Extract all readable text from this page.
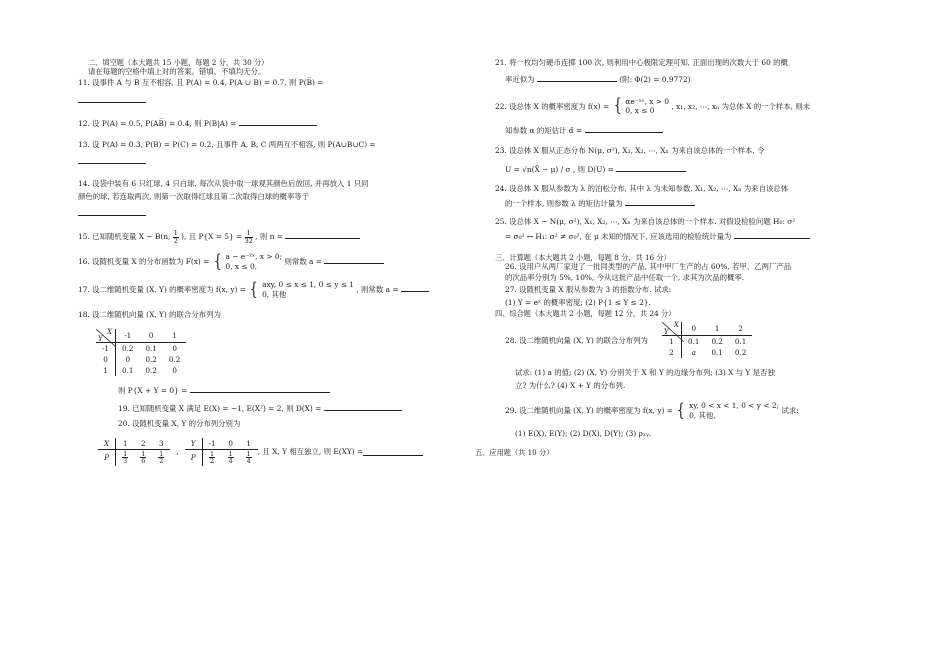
二、填空题（本大题共 15 小题，每题 2 分，共 30 分）

请在每题的空格中填上对的答案。错填、不填均无分。

11. 设事件 A 与 B 互不相容, 且 P(A) = 0.4, P(A ∪ B) = 0.7, 则 P(B̅) =

12. 设 P(A) = 0.5, P(AB̅) = 0.4, 则 P(B|A) =

13. 设 P(A) = 0.3, P(B) = P(C) = 0.2, 且事件 A, B, C 两两互不相容, 则 P(A∪B∪C) =

14. 设袋中装有 6 只红球, 4 只白球, 每次从袋中取一球观其颜色后放回, 并再放入 1 只同

颜色的球, 若连取两次, 则第一次取得红球且第二次取得白球的概率等于

15. 已知随机变量 X ~ B(n, $\frac{1}{2}$ ), 且 $P\{X = 5\} = \frac{1}{32}$ , 则 n =
16. 设随机变量 X 的分布函数为 F(x) = { a − e⁻²ˣ, x > 0;
0, x ≤ 0,
则常数 a =
17. 设二维随机变量 (X, Y) 的概率密度为 f(x, y) = { axy, 0 ≤ x ≤ 1, 0 ≤ y ≤ 1
0, 其他
, 则常数 a =

18. 设二维随机向量 (X, Y) 的联合分布列为

X
Y	-1	0	1
-1	0.2	0.1	0
0	0	0.2	0.2
1	0.1	0.2	0
则 P{X + Y = 0} =
19. 已知随机变量 X 满足 E(X) = −1, E(X²) = 2, 则 D(X) =

20. 设随机变量 X, Y 的分布列分别为

X	1	2	3
P	$\frac{1}{3}$	$\frac{1}{6}$	$\frac{1}{2}$ ,
Y	-1	0	1
P	$\frac{1}{2}$	$\frac{1}{4}$	$\frac{1}{4}$ , 且 X, Y 相互独立, 则 E(XY) =

21. 将一枚均匀硬币连掷 100 次, 则利用中心极限定理可知, 正面出现的次数大于 60 的概

率近似为	(附: Φ(2) = 0.9772)

22. 设总体 X 的概率密度为 f(x) = { αe⁻ᵃˣ, x > 0
0, x ≤ 0
, x₁, x₂, ⋯, xₙ 为总体 X 的一个样本, 则未

知参数 α 的矩估计 α̂ =

23. 设总体 X 服从正态分布 N(μ, σ²), X₁, X₂, ⋯, Xₙ 为来自该总体的一个样本, 令

U = √n(X̄ − μ) / σ , 则 D(U) =

24. 设总体 X 服从参数为 λ 的泊松分布, 其中 λ 为未知参数. X₁, X₂, ⋯, Xₙ 为来自该总体

的一个样本, 则参数 λ 的矩估计量为

25. 设总体 X ~ N(μ, σ²), X₁, X₂, ⋯, Xₙ 为来自该总体的一个样本. 对假设检验问题 H₀: σ²

= σ₀² ↔ H₁: σ² ≠ σ₀², 在 μ 未知的情况下, 应该选用的检验统计量为

三、计算题（本大题共 2 小题，每题 8 分，共 16 分）

26. 设用户从两厂家进了一批同类型的产品, 其中甲厂生产的占 60%, 若甲、乙两厂产品

的次品率分别为 5%, 10%, 今从这批产品中任取一个, 求其为次品的概率.

27. 设随机变量 X 服从参数为 3 的指数分布. 试求:

(1) Y = eˣ 的概率密度; (2) P{1 ≤ Y ≤ 2}.

四、综合题（本大题共 2 小题，每题 12 分，共 24 分）

28. 设二维随机向量 (X, Y) 的联合分布列为
X
Y	0	1	2
1	0.1	0.2	0.1
2	a	0.1	0.2

试求: (1) a 的值; (2) (X, Y) 分别关于 X 和 Y 的边缘分布列; (3) X 与 Y 是否独

立? 为什么? (4) X + Y 的分布列.

29. 设二维随机向量 (X, Y) 的概率密度为 f(x, y) = { xy, 0 < x < 1, 0 < y < 2;
0, 其他,
试求:

(1) E(X), E(Y); (2) D(X), D(Y); (3) ρₓᵧ.

五、应用题（共 10 分）
